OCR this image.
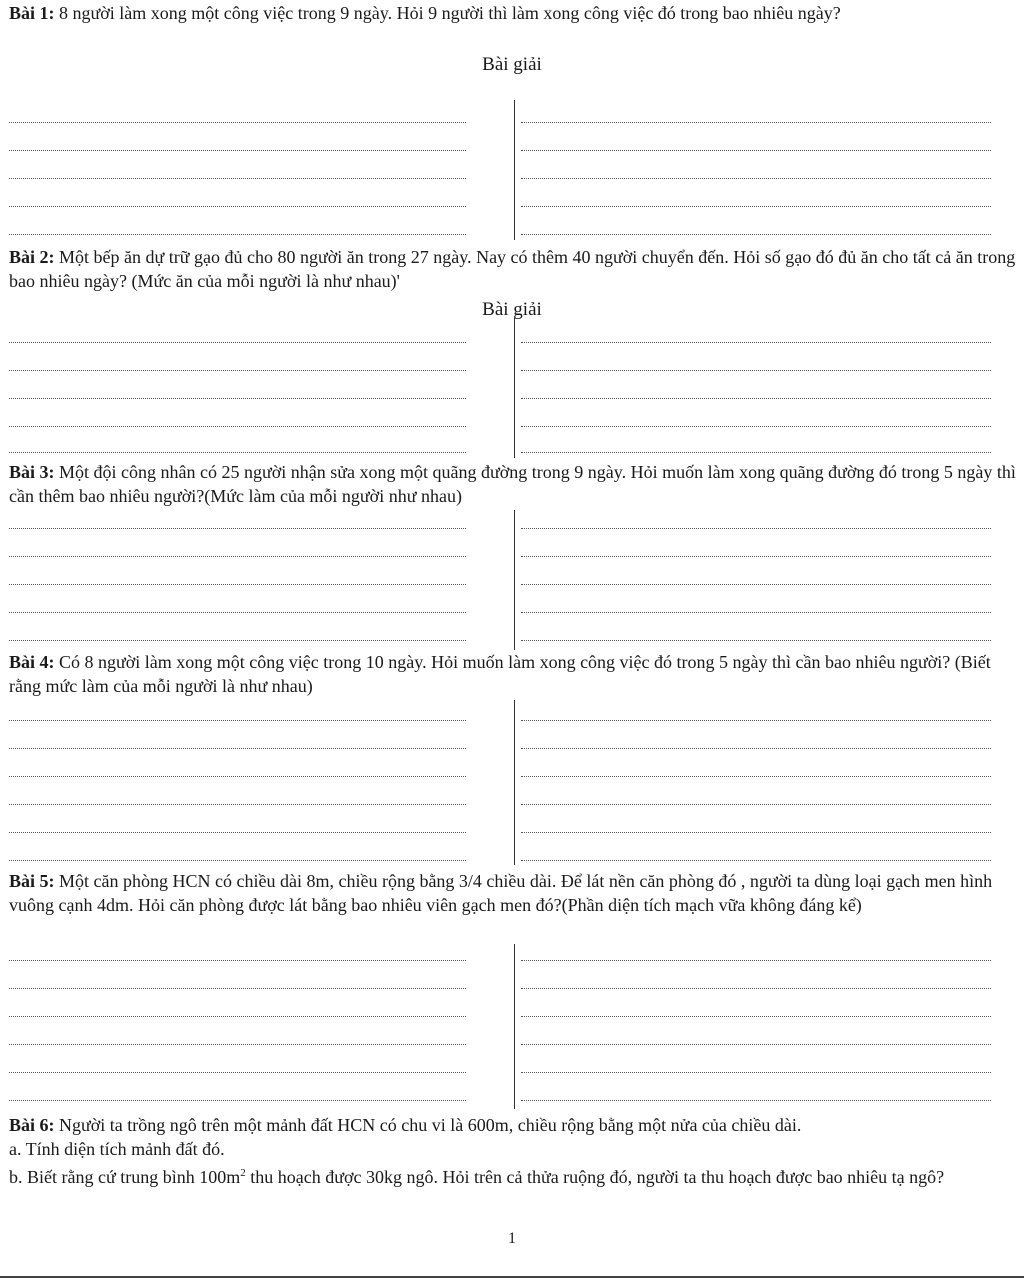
Bài 1: 8 người làm xong một công việc trong 9 ngày. Hỏi 9 người thì làm xong công việc đó trong bao nhiêu ngày?

Bài giải

Bài 2: Một bếp ăn dự trữ gạo đủ cho 80 người ăn trong 27 ngày. Nay có thêm 40 người chuyển đến. Hỏi số gạo đó đủ ăn cho tất cả ăn trong bao nhiêu ngày? (Mức ăn của mỗi người là như nhau)'

Bài giải

Bài 3: Một đội công nhân có 25 người nhận sửa xong một quãng đường trong 9 ngày. Hỏi muốn làm xong quãng đường đó trong 5 ngày thì cần thêm bao nhiêu người?(Mức làm của mỗi người như nhau)

Bài 4: Có 8 người làm xong một công việc trong 10 ngày. Hỏi muốn làm xong công việc đó trong 5 ngày thì cần bao nhiêu người? (Biết rằng mức làm của mỗi người là như nhau)

Bài 5: Một căn phòng HCN có chiều dài 8m, chiều rộng bằng 3/4 chiều dài. Để lát nền căn phòng đó , người ta dùng loại gạch men hình vuông cạnh 4dm. Hỏi căn phòng được lát bằng bao nhiêu viên gạch men đó?(Phần diện tích mạch vữa không đáng kể)

Bài 6: Người ta trồng ngô trên một mảnh đất HCN có chu vi là 600m, chiều rộng bằng một nửa của chiều dài.
a. Tính diện tích mảnh đất đó.
b. Biết rằng cứ trung bình $100m^2$ thu hoạch được 30kg ngô. Hỏi trên cả thửa ruộng đó, người ta thu hoạch được bao nhiêu tạ ngô?
1
